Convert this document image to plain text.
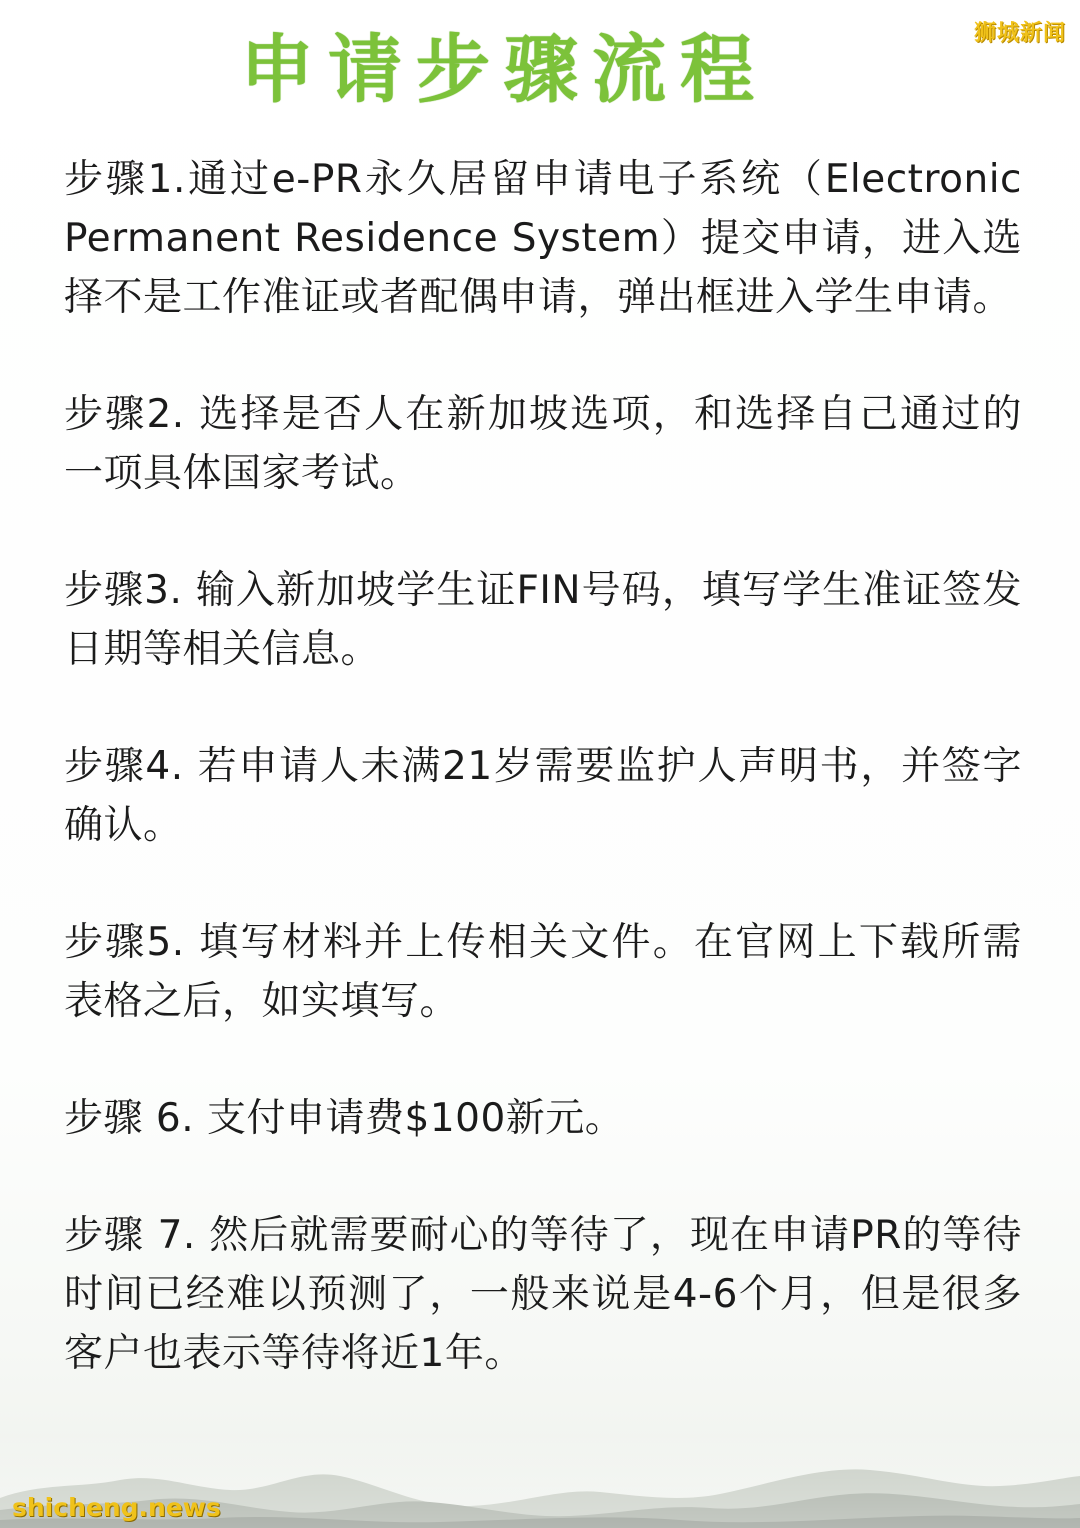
狮城新闻
申请步骤流程

步骤1.通过e-PR永久居留申请电子系统（Electronic Permanent Residence System）提交申请，进入选择不是工作准证或者配偶申请，弹出框进入学生申请。

步骤2. 选择是否人在新加坡选项，和选择自己通过的一项具体国家考试。

步骤3. 输入新加坡学生证FIN号码，填写学生准证签发日期等相关信息。

步骤4. 若申请人未满21岁需要监护人声明书，并签字确认。

步骤5. 填写材料并上传相关文件。在官网上下载所需表格之后，如实填写。

步骤 6. 支付申请费$100新元。

步骤 7. 然后就需要耐心的等待了，现在申请PR的等待时间已经难以预测了，一般来说是4-6个月，但是很多客户也表示等待将近1年。

shicheng.news
